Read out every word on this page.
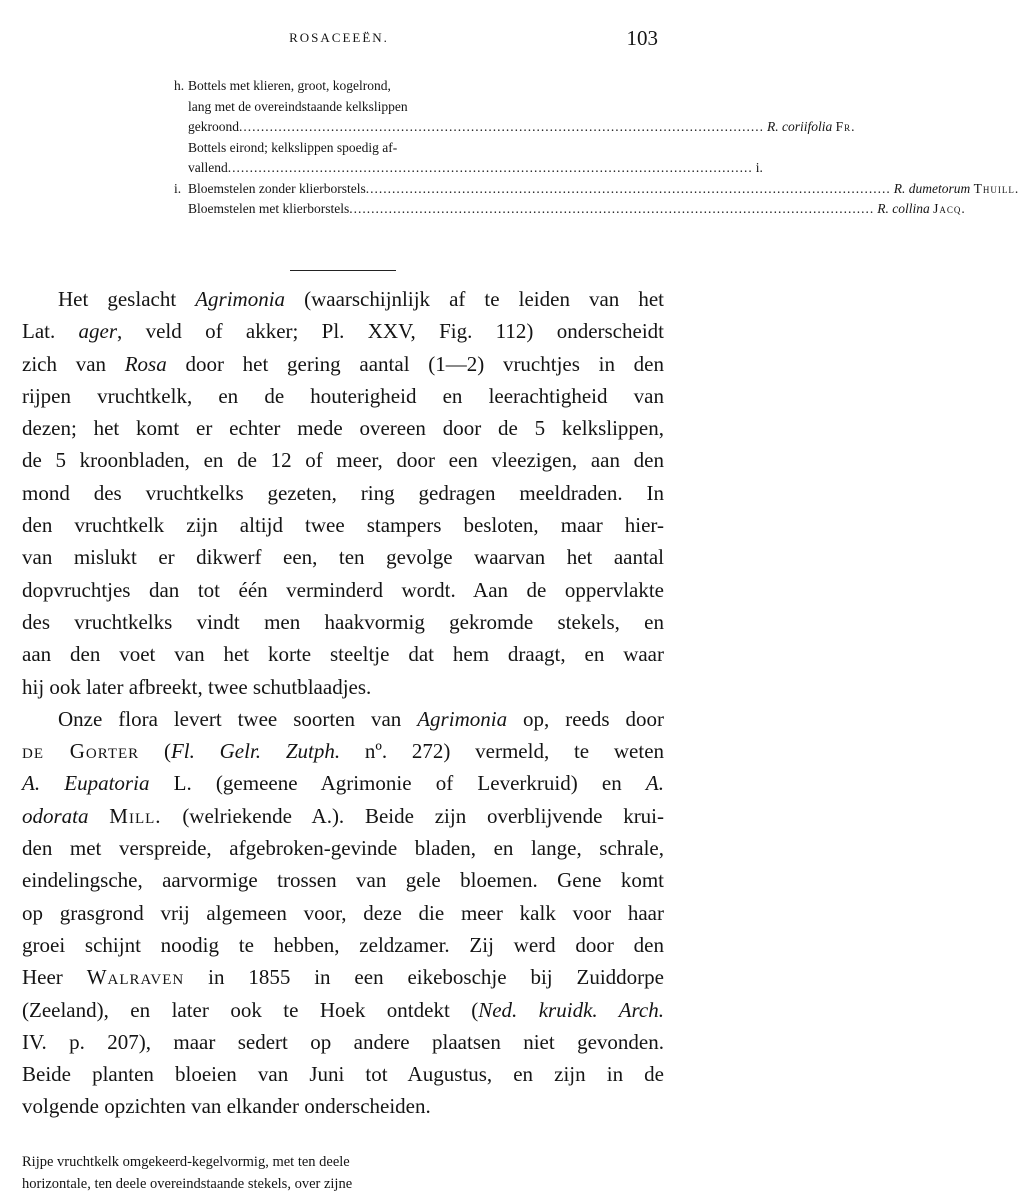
ROSACEEËN.	103
h. Bottels met klieren, groot, kogelrond,
lang met de overeindstaande kelkslippen
gekroond ........................................................................................................................ R. coriifolia Fr.
Bottels eirond; kelkslippen spoedig af-
vallend ........................................................................................................................ i.
i. Bloemstelen zonder klierborstels ........................................................................................................................ R. dumetorum Thuill.
Bloemstelen met klierborstels ........................................................................................................................ R. collina Jacq.
Het geslacht Agrimonia (waarschijnlijk af te leiden van het
Lat. ager, veld of akker; Pl. XXV, Fig. 112) onderscheidt
zich van Rosa door het gering aantal (1—2) vruchtjes in den
rijpen vruchtkelk, en de houterigheid en leerachtigheid van
dezen; het komt er echter mede overeen door de 5 kelkslippen,
de 5 kroonbladen, en de 12 of meer, door een vleezigen, aan den
mond des vruchtkelks gezeten, ring gedragen meeldraden. In
den vruchtkelk zijn altijd twee stampers besloten, maar hier-
van mislukt er dikwerf een, ten gevolge waarvan het aantal
dopvruchtjes dan tot één verminderd wordt. Aan de oppervlakte
des vruchtkelks vindt men haakvormig gekromde stekels, en
aan den voet van het korte steeltje dat hem draagt, en waar
hij ook later afbreekt, twee schutblaadjes.
Onze flora levert twee soorten van Agrimonia op, reeds door
de Gorter (Fl. Gelr. Zutph. nº. 272) vermeld, te weten
A. Eupatoria L. (gemeene Agrimonie of Leverkruid) en A.
odorata Mill. (welriekende A.). Beide zijn overblijvende krui-
den met verspreide, afgebroken-gevinde bladen, en lange, schrale,
eindelingsche, aarvormige trossen van gele bloemen. Gene komt
op grasgrond vrij algemeen voor, deze die meer kalk voor haar
groei schijnt noodig te hebben, zeldzamer. Zij werd door den
Heer Walraven in 1855 in een eikeboschje bij Zuiddorpe
(Zeeland), en later ook te Hoek ontdekt (Ned. kruidk. Arch.
IV. p. 207), maar sedert op andere plaatsen niet gevonden.
Beide planten bloeien van Juni tot Augustus, en zijn in de
volgende opzichten van elkander onderscheiden.
Rijpe vruchtkelk omgekeerd-kegelvormig, met ten deele
horizontale, ten deele overeindstaande stekels, over zijne
